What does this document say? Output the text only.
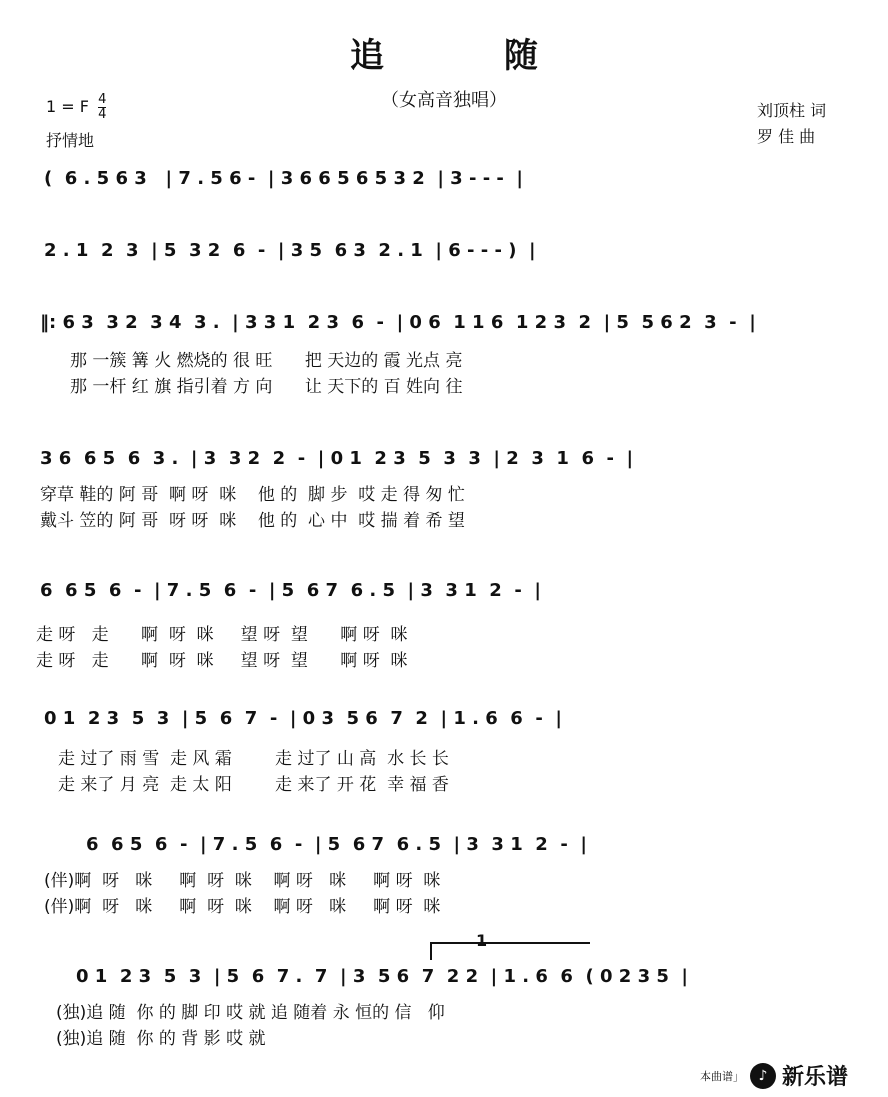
追随
（女高音独唱）
1 = F $\frac{4}{4}$
抒情地
刘顶柱 词
罗 佳 曲
(  6 . 5 6 3   | 7 . 5 6 -  | 3 6 6 5 6 5 3 2  | 3 - - -  |
2 . 1  2  3  | 5  3 2  6  -  | 3 5  6 3  2 . 1  | 6 - - - )  |
‖: 6 3  3 2  3 4  3 .  | 3 3 1  2 3  6  -  | 0 6  1 1 6  1 2 3  2  | 5  5 6 2  3  -  |
那 一簇 篝 火 燃烧的 很 旺      把 天边的 霞 光点 亮
那 一杆 红 旗 指引着 方 向      让 天下的 百 姓向 往
3 6  6 5  6  3 .  | 3  3 2  2  -  | 0 1  2 3  5  3  3  | 2  3  1  6  -  |
穿草 鞋的 阿 哥  啊 呀  咪    他 的  脚 步  哎 走 得 匆 忙
戴斗 笠的 阿 哥  呀 呀  咪    他 的  心 中  哎 揣 着 希 望
6  6 5  6  -  | 7 . 5  6  -  | 5  6 7  6 . 5  | 3  3 1  2  -  |
走 呀   走      啊  呀  咪     望 呀  望      啊 呀  咪
走 呀   走      啊  呀  咪     望 呀  望      啊 呀  咪
0 1  2 3  5  3  | 5  6  7  -  | 0 3  5 6  7  2  | 1 . 6  6  -  |
走 过了 雨 雪  走 风 霜        走 过了 山 高  水 长 长
走 来了 月 亮  走 太 阳        走 来了 开 花  幸 福 香
6  6 5  6  -  | 7 . 5  6  -  | 5  6 7  6 . 5  | 3  3 1  2  -  |
(伴)啊  呀   咪     啊  呀  咪    啊 呀   咪     啊 呀  咪
(伴)啊  呀   咪     啊  呀  咪    啊 呀   咪     啊 呀  咪
1
0 1  2 3  5  3  | 5  6  7 .  7  | 3  5 6  7  2 2  | 1 . 6  6  ( 0 2 3 5  |
(独)追 随  你 的 脚 印 哎 就 追 随着 永 恒的 信   仰
(独)追 随  你 的 背 影 哎 就
本曲谱」	♪ 新乐谱
